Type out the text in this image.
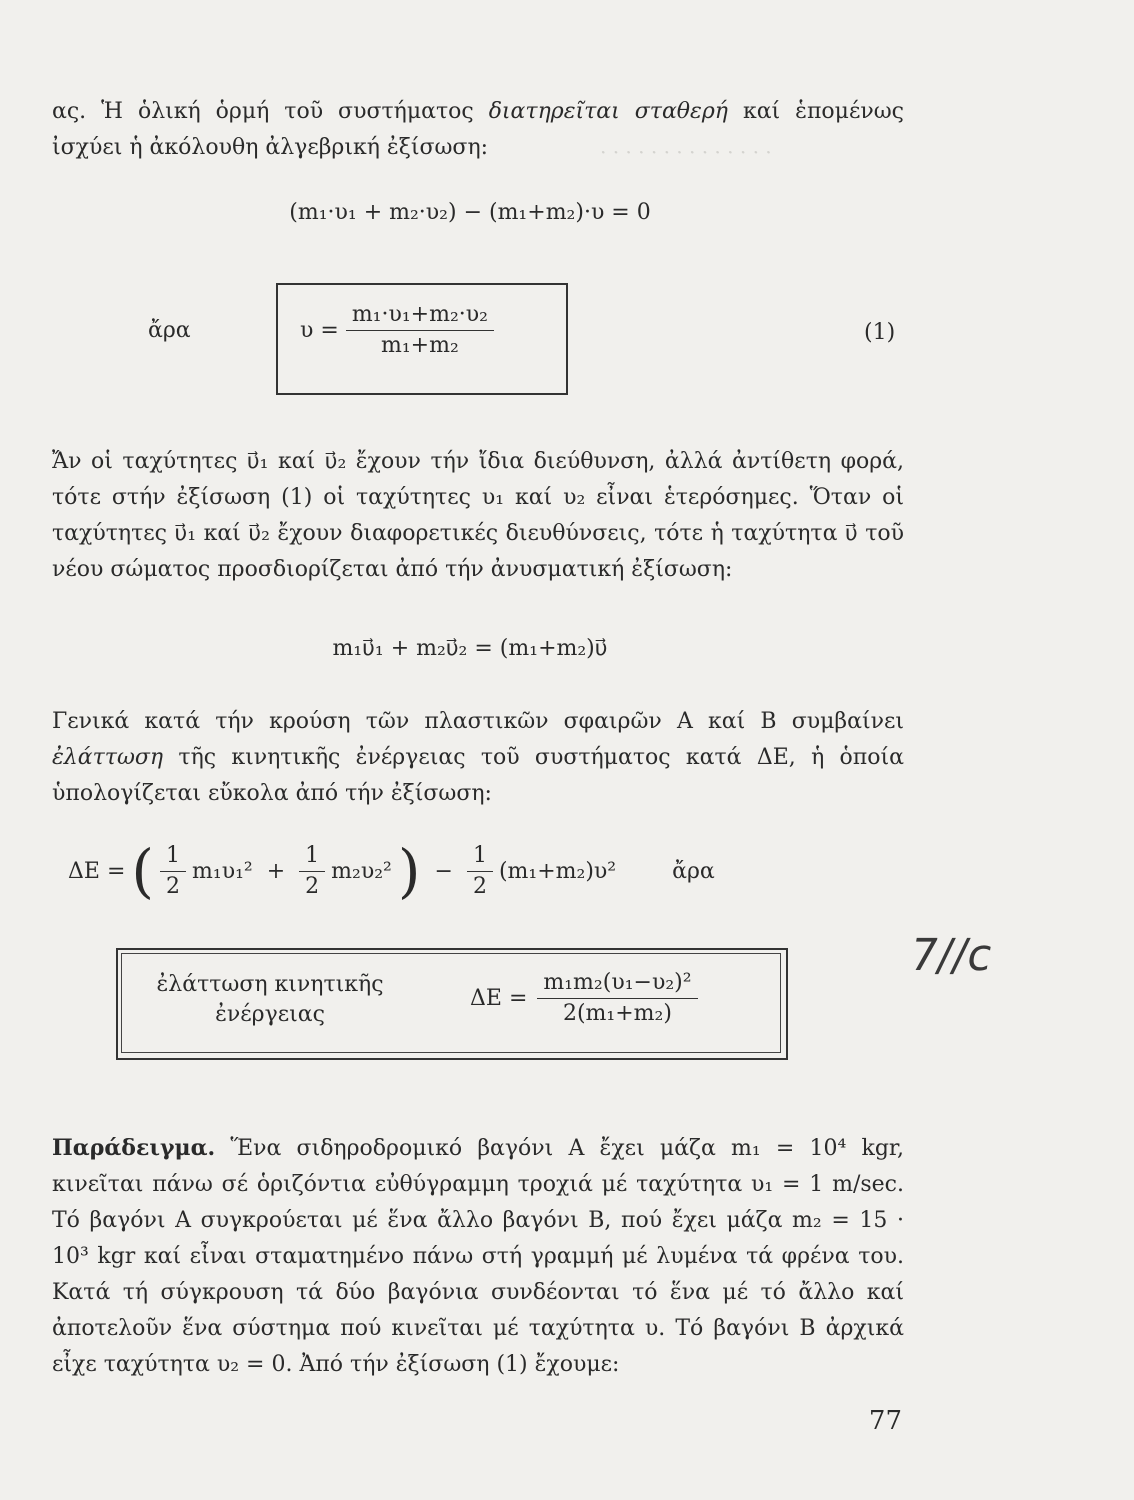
· · · · · · · · · · · · · ·

ας. Ἡ ὁλική ὁρμή τοῦ συστήματος διατηρεῖται σταθερή καί ἑπομένως ἰσχύει ἡ ἀκόλουθη ἀλγεβρική ἐξίσωση:

(m₁·υ₁ + m₂·υ₂) − (m₁+m₂)·υ = 0
ἄρα	$\upsilon = \frac{\text{m₁·υ₁+m₂·υ₂}}{\text{m₁+m₂}}$	(1)

Ἄν οἱ ταχύτητες υ⃗₁ καί υ⃗₂ ἔχουν τήν ἴδια διεύθυνση, ἀλλά ἀντίθετη φορά, τότε στήν ἐξίσωση (1) οἱ ταχύτητες υ₁ καί υ₂ εἶναι ἑτερόσημες. Ὅταν οἱ ταχύτητες υ⃗₁ καί υ⃗₂ ἔχουν διαφορετικές διευθύνσεις, τότε ἡ ταχύτητα υ⃗ τοῦ νέου σώματος προσδιορίζεται ἀπό τήν ἀνυσματική ἐξίσωση:

m₁υ⃗₁ + m₂υ⃗₂ = (m₁+m₂)υ⃗

Γενικά κατά τήν κρούση τῶν πλαστικῶν σφαιρῶν Α καί Β συμβαίνει ἐλάττωση τῆς κινητικῆς ἐνέργειας τοῦ συστήματος κατά ΔΕ, ἡ ὁποία ὑπολογίζεται εὔκολα ἀπό τήν ἐξίσωση:

ΔΕ = ( $\frac{1}{2} m_1\upsilon_1^2 + \frac{1}{2} m_2\upsilon_2^2$ ) − $\frac{1}{2} (m_1+m_2)\upsilon^2$	ἄρα
ἐλάττωση κινητικῆς
ἐνέργειας
$\Delta E = \frac{\text{m₁m₂(υ₁−υ₂)²}}{\text{2(m₁+m₂)}}$
7//c

Παράδειγμα. Ἕνα σιδηροδρομικό βαγόνι Α ἔχει μάζα m₁ = 10⁴ kgr, κινεῖται πάνω σέ ὁριζόντια εὐθύγραμμη τροχιά μέ ταχύτητα υ₁ = 1 m/sec. Τό βαγόνι Α συγκρούεται μέ ἕνα ἄλλο βαγόνι Β, πού ἔχει μάζα m₂ = 15 · 10³ kgr καί εἶναι σταματημένο πάνω στή γραμμή μέ λυμένα τά φρένα του. Κατά τή σύγκρουση τά δύο βαγόνια συνδέονται τό ἕνα μέ τό ἄλλο καί ἀποτελοῦν ἕνα σύστημα πού κινεῖται μέ ταχύτητα υ. Τό βαγόνι Β ἀρχικά εἶχε ταχύτητα υ₂ = 0. Ἀπό τήν ἐξίσωση (1) ἔχουμε:

77
